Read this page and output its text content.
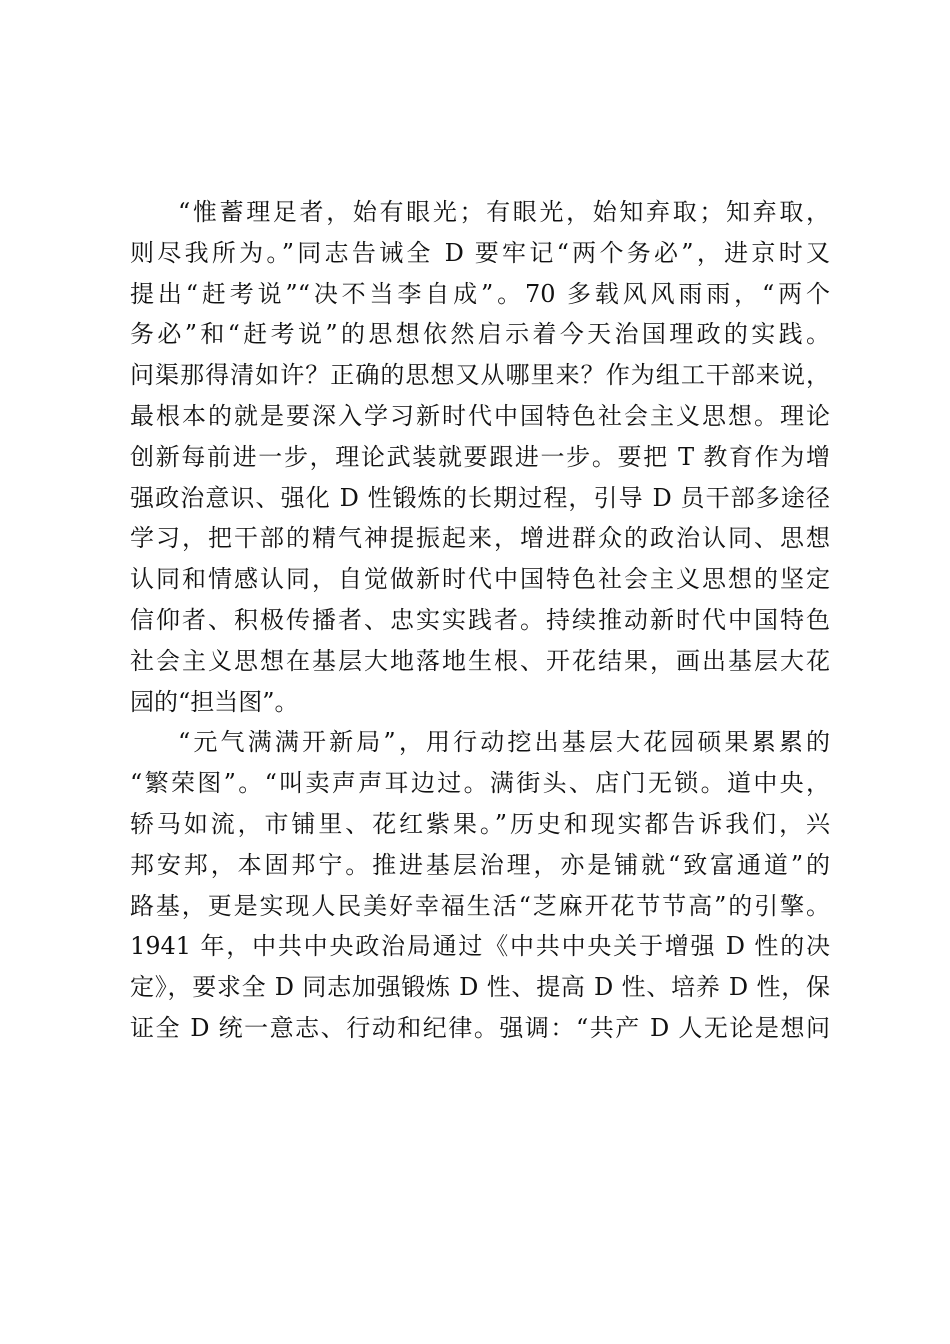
“惟蓄理足者，始有眼光；有眼光，始知弃取；知弃取，
则尽我所为。”同志告诫全 D 要牢记“两个务必”，进京时又
提出“赶考说”“决不当李自成”。70 多载风风雨雨，“两个
务必”和“赶考说”的思想依然启示着今天治国理政的实践。
问渠那得清如许？正确的思想又从哪里来？作为组工干部来说，
最根本的就是要深入学习新时代中国特色社会主义思想。理论
创新每前进一步，理论武装就要跟进一步。要把 T 教育作为增
强政治意识、强化 D 性锻炼的长期过程，引导 D 员干部多途径
学习，把干部的精气神提振起来，增进群众的政治认同、思想
认同和情感认同，自觉做新时代中国特色社会主义思想的坚定
信仰者、积极传播者、忠实实践者。持续推动新时代中国特色
社会主义思想在基层大地落地生根、开花结果，画出基层大花
园的“担当图”。
“元气满满开新局”，用行动挖出基层大花园硕果累累的
“繁荣图”。“叫卖声声耳边过。满街头、店门无锁。道中央，
轿马如流，市铺里、花红紫果。”历史和现实都告诉我们，兴
邦安邦，本固邦宁。推进基层治理，亦是铺就“致富通道”的
路基，更是实现人民美好幸福生活“芝麻开花节节高”的引擎。
1941 年，中共中央政治局通过《中共中央关于增强 D 性的决
定》，要求全 D 同志加强锻炼 D 性、提高 D 性、培养 D 性，保
证全 D 统一意志、行动和纪律。强调：“共产 D 人无论是想问
